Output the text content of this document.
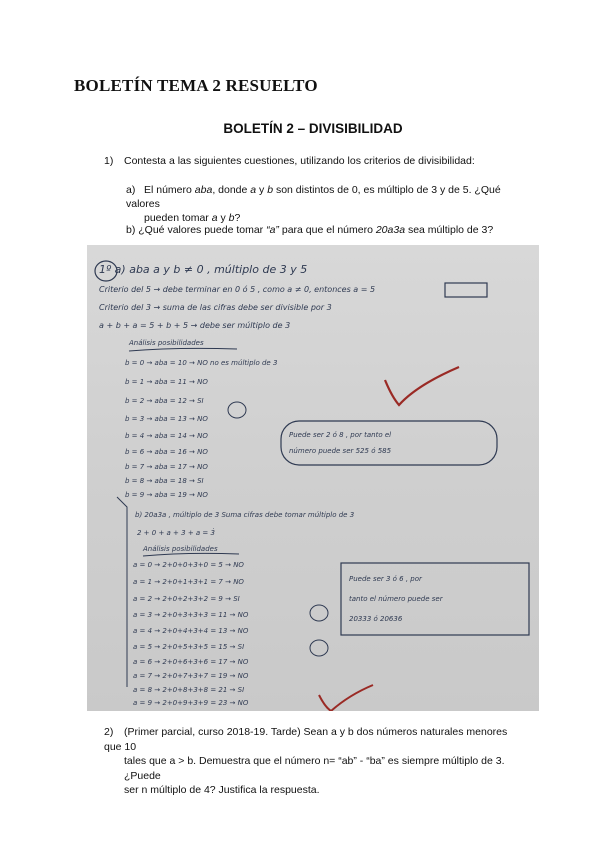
BOLETÍN TEMA 2 RESUELTO
BOLETÍN 2 – DIVISIBILIDAD
1) Contesta a las siguientes cuestiones, utilizando los criterios de divisibilidad:
a) El número aba, donde a y b son distintos de 0, es múltiplo de 3 y de 5. ¿Qué valores
pueden tomar a y b?
b) ¿Qué valores puede tomar “a” para que el número 20a3a sea múltiplo de 3?
1º a) aba a y b ≠ 0 , múltiplo de 3 y 5
Criterio del 5 → debe terminar en 0 ó 5 , como a ≠ 0, entonces a = 5
Criterio del 3 → suma de las cifras debe ser divisible por 3
a + b + a = 5 + b + 5 → debe ser múltiplo de 3
Análisis posibilidades
b = 0 → aba = 10 → NO no es múltiplo de 3
b = 1 → aba = 11 → NO
b = 2 → aba = 12 → SI
b = 3 → aba = 13 → NO
b = 4 → aba = 14 → NO
b = 6 → aba = 16 → NO
b = 7 → aba = 17 → NO
b = 8 → aba = 18 → SI
b = 9 → aba = 19 → NO
Puede ser 2 ó 8 , por tanto el
número puede ser 525 ó 585
b) 20a3a , múltiplo de 3 Suma cifras debe tomar múltiplo de 3
2 + 0 + a + 3 + a = 3̇
Análisis posibilidades
a = 0 → 2+0+0+3+0 = 5 → NO
a = 1 → 2+0+1+3+1 = 7 → NO
a = 2 → 2+0+2+3+2 = 9 → SI
a = 3 → 2+0+3+3+3 = 11 → NO
a = 4 → 2+0+4+3+4 = 13 → NO
a = 5 → 2+0+5+3+5 = 15 → SI
a = 6 → 2+0+6+3+6 = 17 → NO
a = 7 → 2+0+7+3+7 = 19 → NO
a = 8 → 2+0+8+3+8 = 21 → SI
a = 9 → 2+0+9+3+9 = 23 → NO
Puede ser 3 ó 6 , por
tanto el número puede ser
20333 ó 20636
2) (Primer parcial, curso 2018-19. Tarde) Sean a y b dos números naturales menores que 10
tales que a > b. Demuestra que el número n= “ab” - “ba” es siempre múltiplo de 3. ¿Puede
ser n múltiplo de 4? Justifica la respuesta.
